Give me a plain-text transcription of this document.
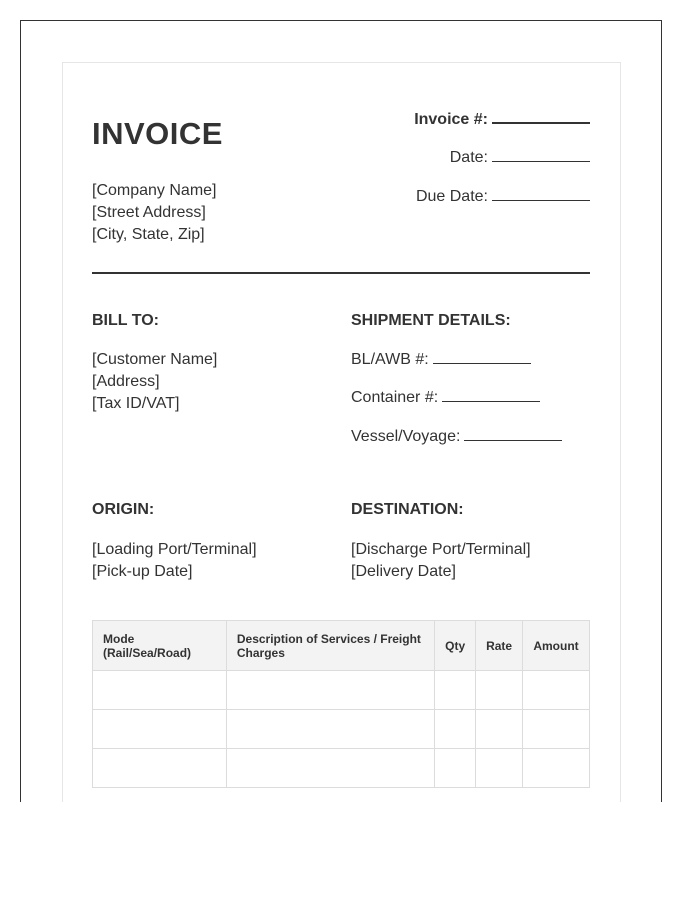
INVOICE
[Company Name]
[Street Address]
[City, State, Zip]
Invoice #:
Date:
Due Date:
BILL TO:	SHIPMENT DETAILS:
[Customer Name]
[Address]
[Tax ID/VAT]
BL/AWB #:
Container #:
Vessel/Voyage:
ORIGIN:	DESTINATION:
[Loading Port/Terminal]
[Pick-up Date]
[Discharge Port/Terminal]
[Delivery Date]
Mode (Rail/Sea/Road)	Description of Services / Freight Charges	Qty	Rate	Amount
